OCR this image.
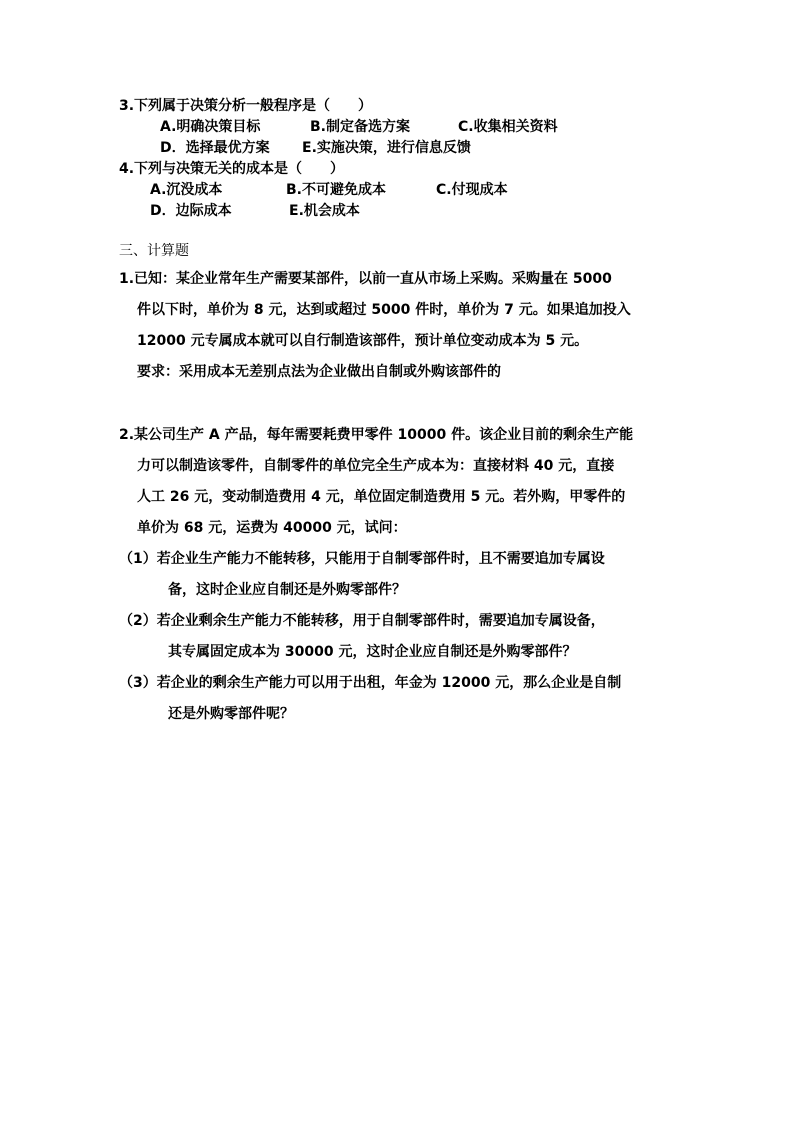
3.下列属于决策分析一般程序是（　　）
A.明确决策目标	B.制定备选方案	C.收集相关资料
D．选择最优方案 E.实施决策，进行信息反馈
4.下列与决策无关的成本是（　　）
A.沉没成本	B.不可避免成本	C.付现成本
D．边际成本	E.机会成本
三、计算题
1.已知：某企业常年生产需要某部件，以前一直从市场上采购。采购量在 5000
件以下时，单价为 8 元，达到或超过 5000 件时，单价为 7 元。如果追加投入
12000 元专属成本就可以自行制造该部件，预计单位变动成本为 5 元。
要求：采用成本无差别点法为企业做出自制或外购该部件的
2.某公司生产 A 产品，每年需要耗费甲零件 10000 件。该企业目前的剩余生产能
力可以制造该零件，自制零件的单位完全生产成本为：直接材料 40 元，直接
人工 26 元，变动制造费用 4 元，单位固定制造费用 5 元。若外购，甲零件的
单价为 68 元，运费为 40000 元，试问：
（1）若企业生产能力不能转移，只能用于自制零部件时，且不需要追加专属设
备，这时企业应自制还是外购零部件？
（2）若企业剩余生产能力不能转移，用于自制零部件时，需要追加专属设备，
其专属固定成本为 30000 元，这时企业应自制还是外购零部件？
（3）若企业的剩余生产能力可以用于出租，年金为 12000 元，那么企业是自制
还是外购零部件呢？
